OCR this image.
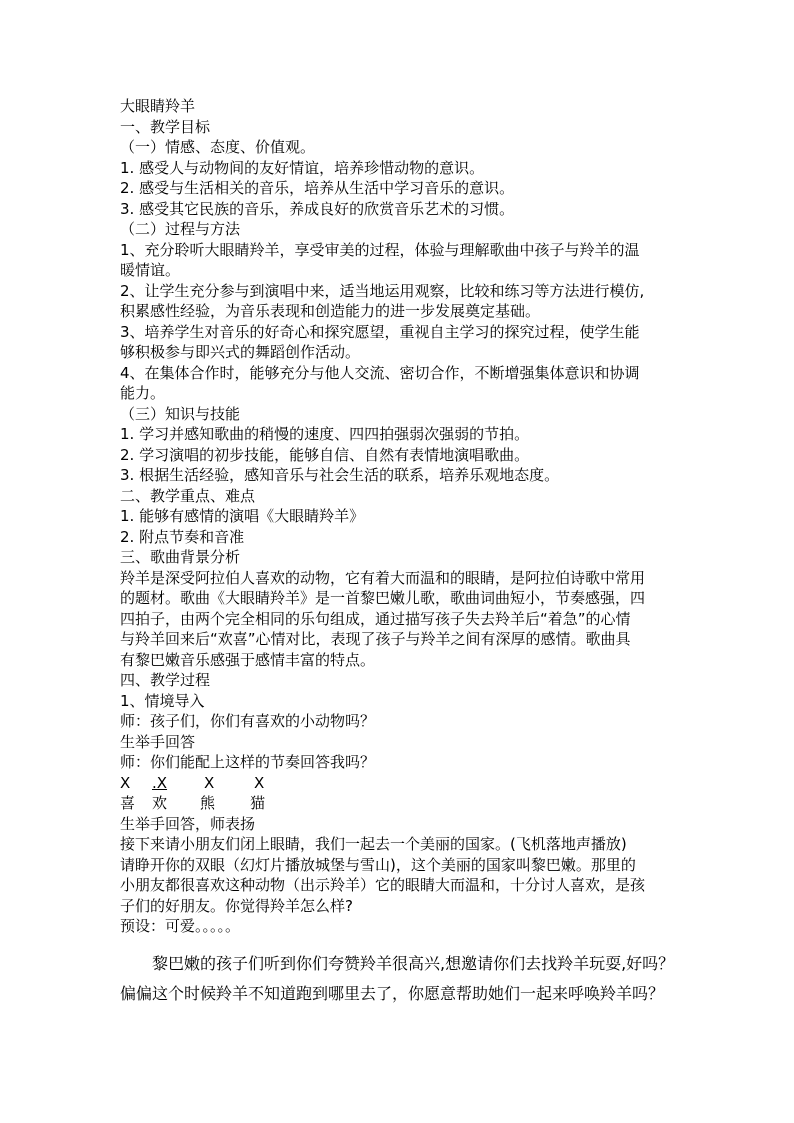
大眼睛羚羊

一、教学目标

（一）情感、态度、价值观。

1. 感受人与动物间的友好情谊，培养珍惜动物的意识。

2. 感受与生活相关的音乐，培养从生活中学习音乐的意识。

3. 感受其它民族的音乐，养成良好的欣赏音乐艺术的习惯。

（二）过程与方法

1、充分聆听大眼睛羚羊，享受审美的过程，体验与理解歌曲中孩子与羚羊的温

暖情谊。

2、让学生充分参与到演唱中来，适当地运用观察，比较和练习等方法进行模仿,

积累感性经验，为音乐表现和创造能力的进一步发展奠定基础。

3、培养学生对音乐的好奇心和探究愿望，重视自主学习的探究过程，使学生能

够积极参与即兴式的舞蹈创作活动。

4、在集体合作时，能够充分与他人交流、密切合作，不断增强集体意识和协调

能力。

（三）知识与技能

1. 学习并感知歌曲的稍慢的速度、四四拍强弱次强弱的节拍。

2. 学习演唱的初步技能，能够自信、自然有表情地演唱歌曲。

3. 根据生活经验，感知音乐与社会生活的联系，培养乐观地态度。

二、教学重点、难点

1. 能够有感情的演唱《大眼睛羚羊》

2. 附点节奏和音准

三、歌曲背景分析

羚羊是深受阿拉伯人喜欢的动物，它有着大而温和的眼睛，是阿拉伯诗歌中常用

的题材。歌曲《大眼睛羚羊》是一首黎巴嫩儿歌，歌曲词曲短小，节奏感强，四

四拍子，由两个完全相同的乐句组成，通过描写孩子失去羚羊后“着急”的心情

与羚羊回来后“欢喜”心情对比，表现了孩子与羚羊之间有深厚的感情。歌曲具

有黎巴嫩音乐感强于感情丰富的特点。

四、教学过程

1、情境导入

师：孩子们，你们有喜欢的小动物吗？

生举手回答

师：你们能配上这样的节奏回答我吗？

X .X X	X
喜 欢 熊 猫

生举手回答，师表扬

接下来请小朋友们闭上眼睛，我们一起去一个美丽的国家。(飞机落地声播放)

请睁开你的双眼（幻灯片播放城堡与雪山)，这个美丽的国家叫黎巴嫩。那里的

小朋友都很喜欢这种动物（出示羚羊）它的眼睛大而温和，十分讨人喜欢，是孩

子们的好朋友。你觉得羚羊怎么样?

预设：可爱。。。。。

黎巴嫩的孩子们听到你们夸赞羚羊很高兴,想邀请你们去找羚羊玩耍,好吗？

偏偏这个时候羚羊不知道跑到哪里去了，你愿意帮助她们一起来呼唤羚羊吗？
